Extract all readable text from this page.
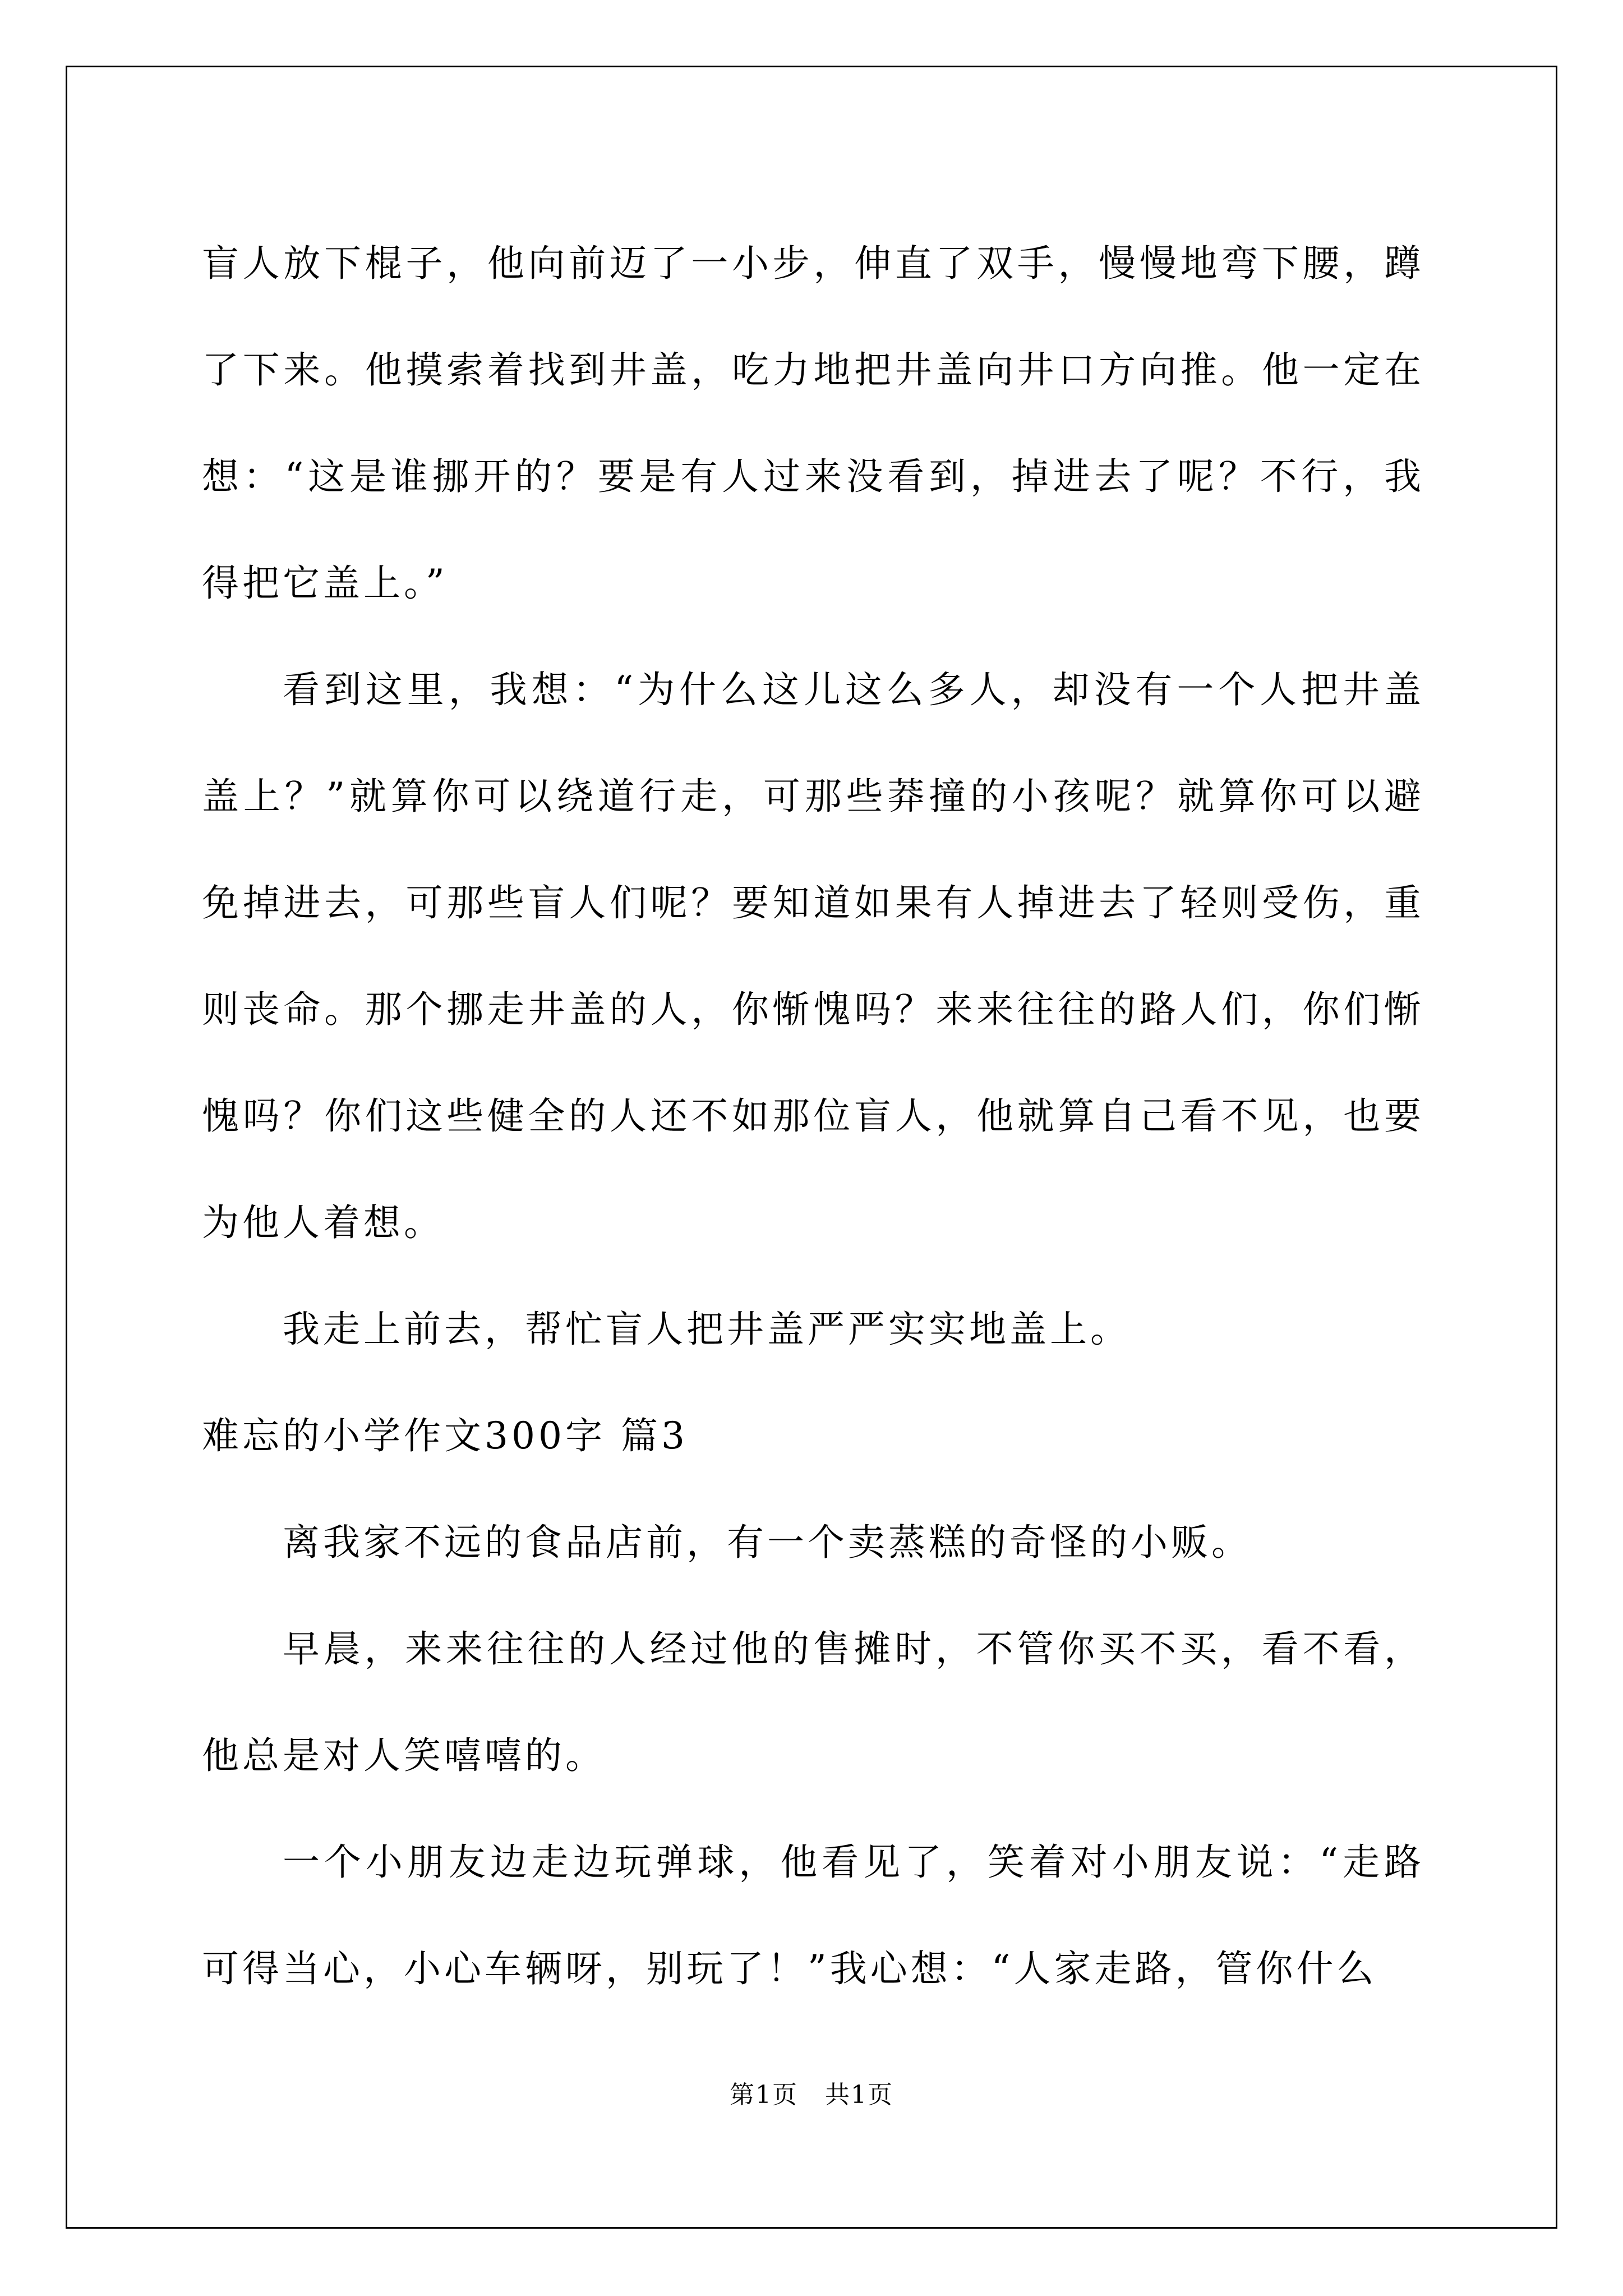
盲人放下棍子，他向前迈了一小步，伸直了双手，慢慢地弯下腰，蹲了下来。他摸索着找到井盖，吃力地把井盖向井口方向推。他一定在想：“这是谁挪开的？要是有人过来没看到，掉进去了呢？不行，我得把它盖上。”

看到这里，我想：“为什么这儿这么多人，却没有一个人把井盖盖上？”就算你可以绕道行走，可那些莽撞的小孩呢？就算你可以避免掉进去，可那些盲人们呢？要知道如果有人掉进去了轻则受伤，重则丧命。那个挪走井盖的人，你惭愧吗？来来往往的路人们，你们惭愧吗？你们这些健全的人还不如那位盲人，他就算自己看不见，也要为他人着想。

我走上前去，帮忙盲人把井盖严严实实地盖上。

难忘的小学作文300字 篇3

离我家不远的食品店前，有一个卖蒸糕的奇怪的小贩。

早晨，来来往往的人经过他的售摊时，不管你买不买，看不看，他总是对人笑嘻嘻的。

一个小朋友边走边玩弹球，他看见了，笑着对小朋友说：“走路可得当心，小心车辆呀，别玩了！”我心想：“人家走路，管你什么

第1页 共1页
